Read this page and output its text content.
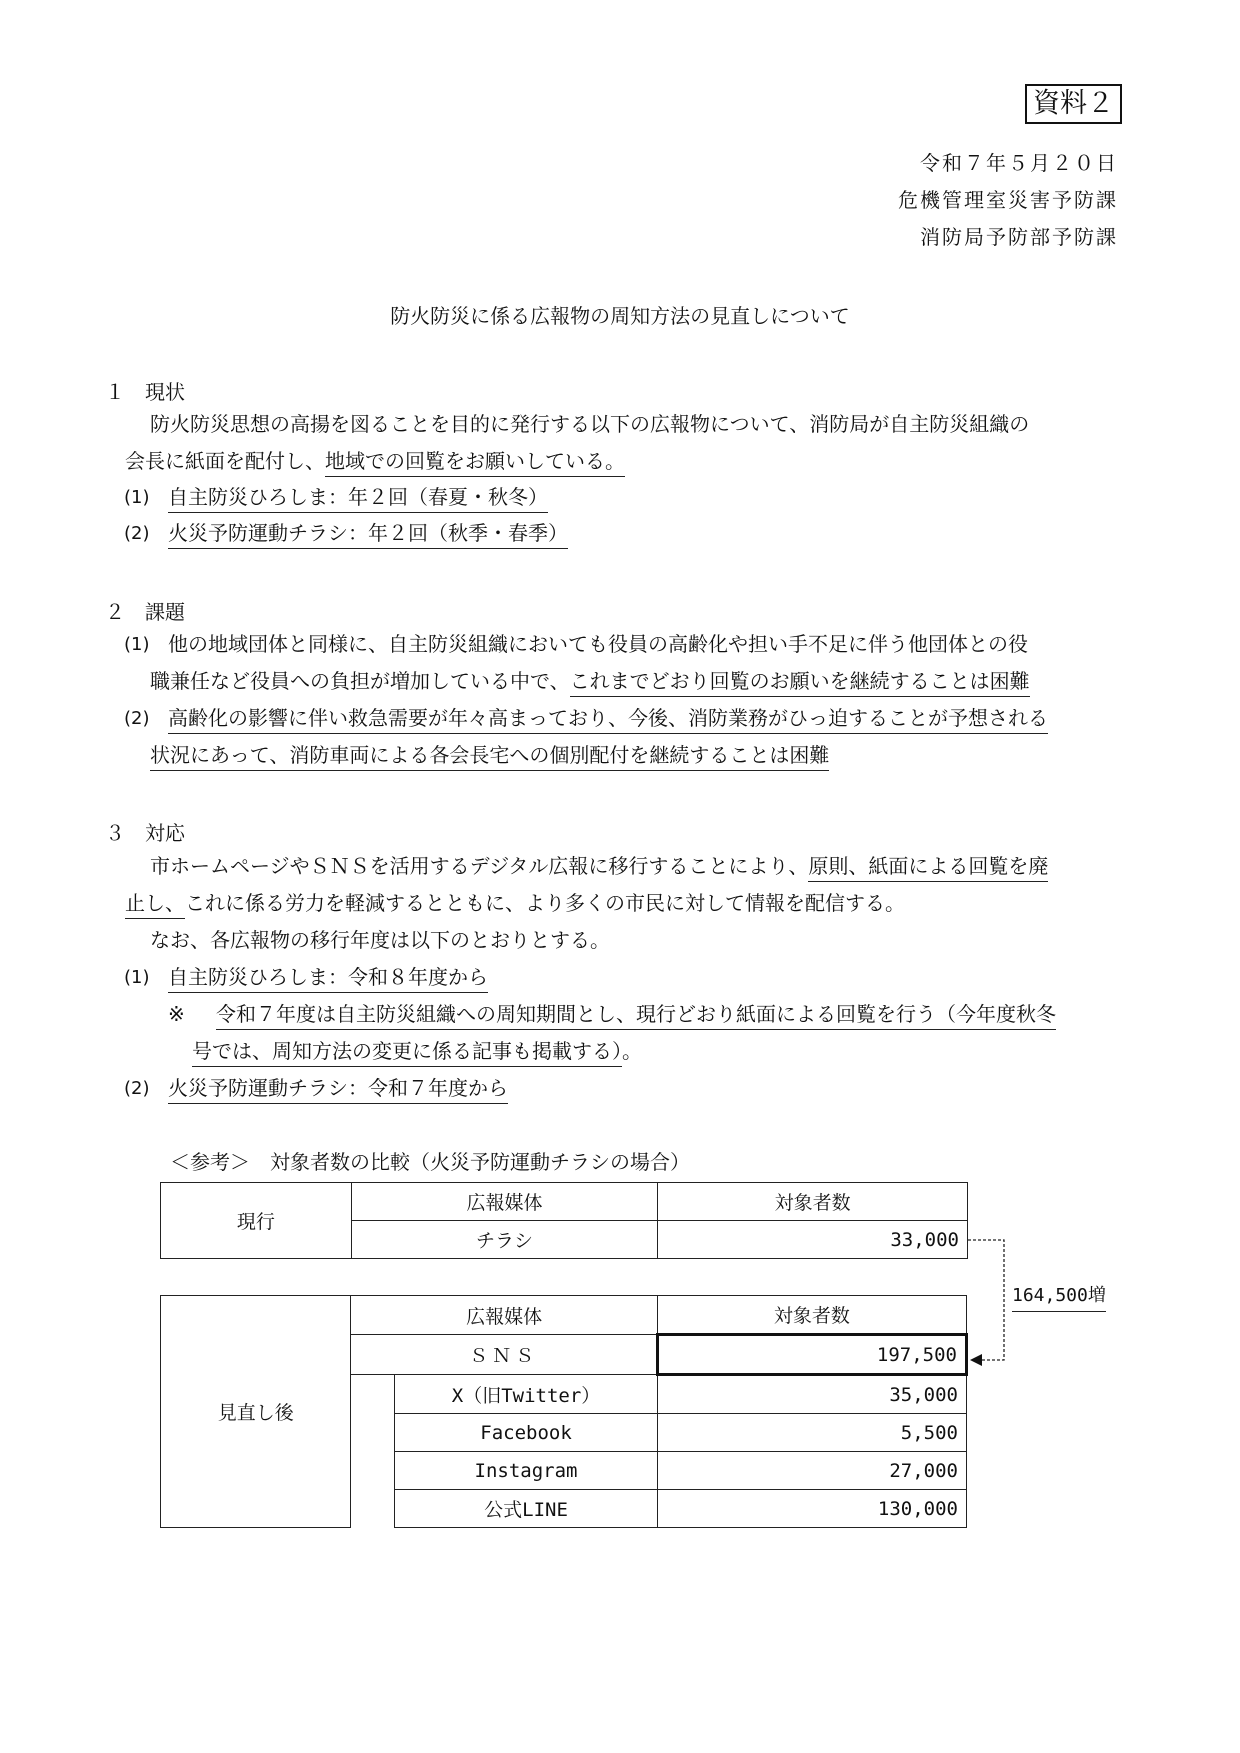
資料２
令和７年５月２０日
危機管理室災害予防課
消防局予防部予防課
防火防災に係る広報物の周知方法の見直しについて
１　現状
防火防災思想の高揚を図ることを目的に発行する以下の広報物について、消防局が自主防災組織の
会長に紙面を配付し、地域での回覧をお願いしている。
(1) 自主防災ひろしま：年２回（春夏・秋冬）
(2) 火災予防運動チラシ：年２回（秋季・春季）
２　課題
(1) 他の地域団体と同様に、自主防災組織においても役員の高齢化や担い手不足に伴う他団体との役
職兼任など役員への負担が増加している中で、これまでどおり回覧のお願いを継続することは困難
(2) 高齢化の影響に伴い救急需要が年々高まっており、今後、消防業務がひっ迫することが予想される
状況にあって、消防車両による各会長宅への個別配付を継続することは困難
３　対応
市ホームページやＳＮＳを活用するデジタル広報に移行することにより、原則、紙面による回覧を廃
止し、これに係る労力を軽減するとともに、より多くの市民に対して情報を配信する。
なお、各広報物の移行年度は以下のとおりとする。
(1) 自主防災ひろしま：令和８年度から
※ 令和７年度は自主防災組織への周知期間とし、現行どおり紙面による回覧を行う（今年度秋冬
号では、周知方法の変更に係る記事も掲載する）。
(2) 火災予防運動チラシ：令和７年度から
＜参考＞　対象者数の比較（火災予防運動チラシの場合）
現行	広報媒体	対象者数
	チラシ	33,000
見直し後	広報媒体		対象者数
	ＳＮＳ		197,500
		X（旧Twitter）	35,000
		Facebook	5,500
		Instagram	27,000
		公式LINE	130,000
164,500増
